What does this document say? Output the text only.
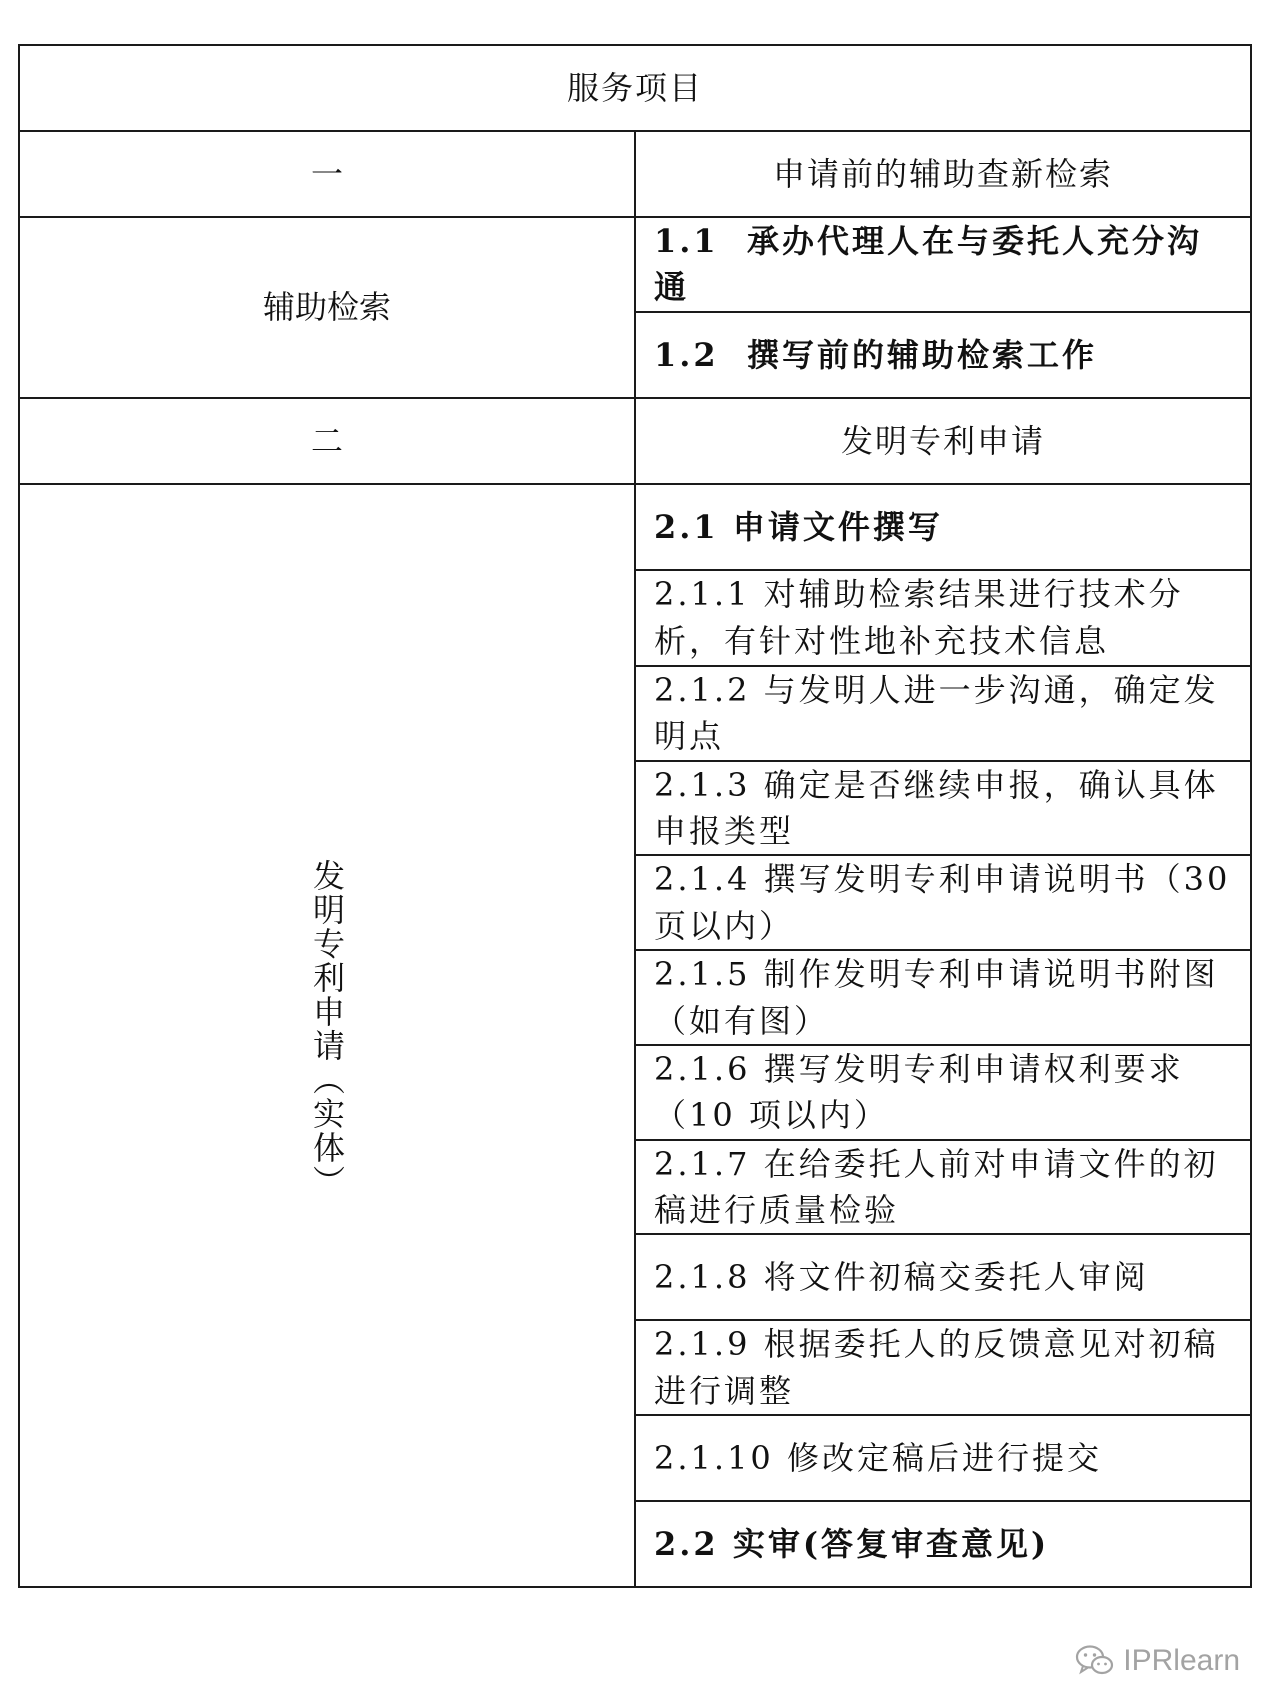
服务项目	
一	申请前的辅助查新检索
辅助检索	1.1 承办代理人在与委托人充分沟通
	1.2 撰写前的辅助检索工作
二	发明专利申请
发明专利申请（实体）	2.1 申请文件撰写
	2.1.1 对辅助检索结果进行技术分析，有针对性地补充技术信息
	2.1.2 与发明人进一步沟通，确定发明点
	2.1.3 确定是否继续申报，确认具体申报类型
	2.1.4 撰写发明专利申请说明书（30 页以内）
	2.1.5 制作发明专利申请说明书附图（如有图）
	2.1.6 撰写发明专利申请权利要求（10 项以内）
	2.1.7 在给委托人前对申请文件的初稿进行质量检验
	2.1.8 将文件初稿交委托人审阅
	2.1.9 根据委托人的反馈意见对初稿进行调整
	2.1.10 修改定稿后进行提交
	2.2 实审(答复审查意见)
IPRlearn
